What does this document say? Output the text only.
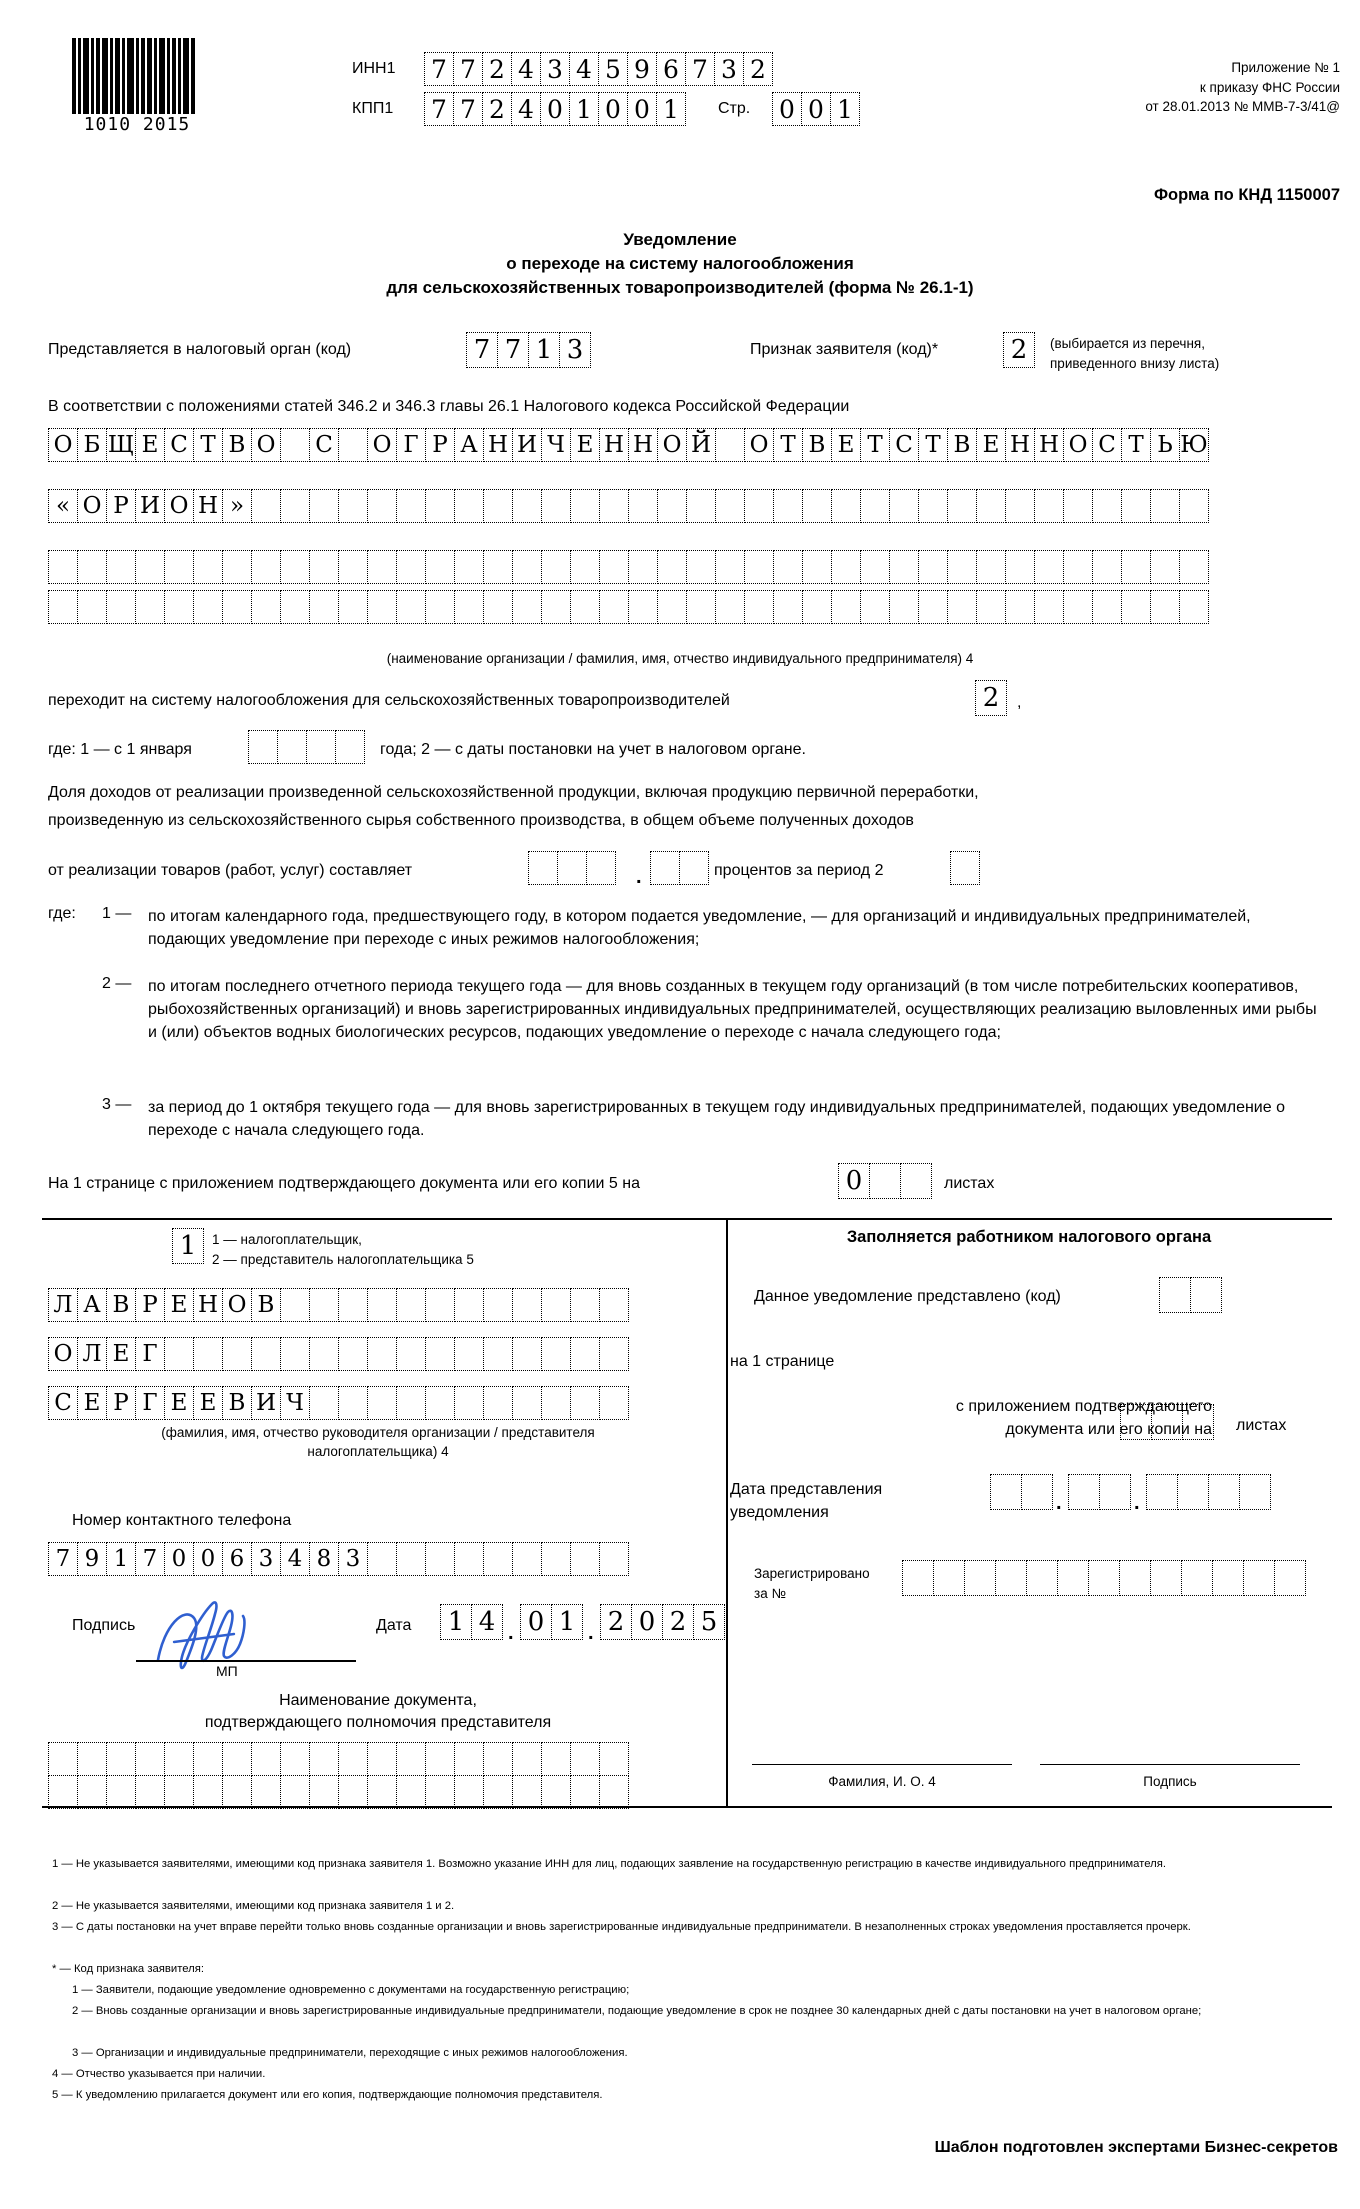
1010 2015
ИНН1 7 7 2 4 3 4 5 9 6 7 3 2
КПП1 7 7 2 4 0 1 0 0 1	Стр. 0 0 1
Приложение № 1
к приказу ФНС России
от 28.01.2013 № ММВ-7-3/41@
Форма по КНД 1150007
Уведомление
о переходе на систему налогообложения
для сельскохозяйственных товаропроизводителей (форма № 26.1-1)
Представляется в налоговый орган (код)	7 7 1 3	Признак заявителя (код)*	2	(выбирается из перечня,
приведенного внизу листа)
В соответствии с положениями статей 346.2 и 346.3 главы 26.1 Налогового кодекса Российской Федерации
О Б Щ Е С Т В О С О Г Р А Н И Ч Е Н Н О Й О Т В Е Т С Т В Е Н Н О С Т Ь Ю
« О Р И О Н »
(наименование организации / фамилия, имя, отчество индивидуального предпринимателя) 4
переходит на систему налогообложения для сельскохозяйственных товаропроизводителей	2	,
где: 1 — с 1 января	года; 2 — с даты постановки на учет в налоговом органе.
Доля доходов от реализации произведенной сельскохозяйственной продукции, включая продукцию первичной переработки,
произведенную из сельскохозяйственного сырья собственного производства, в общем объеме полученных доходов
от реализации товаров (работ, услуг) составляет	.	процентов за период 2
где: 1 — по итогам календарного года, предшествующего году, в котором подается уведомление, — для организаций и индивидуальных предпринимателей, подающих уведомление при переходе с иных режимов налогообложения;
2 — по итогам последнего отчетного периода текущего года — для вновь созданных в текущем году организаций (в том числе потребительских кооперативов, рыбохозяйственных организаций) и вновь зарегистрированных индивидуальных предпринимателей, осуществляющих реализацию выловленных ими рыбы и (или) объектов водных биологических ресурсов, подающих уведомление о переходе с начала следующего года;
3 — за период до 1 октября текущего года — для вновь зарегистрированных в текущем году индивидуальных предпринимателей, подающих уведомление о переходе с начала следующего года.
На 1 странице с приложением подтверждающего документа или его копии 5 на	0	листах
1	1 — налогоплательщик,
2 — представитель налогоплательщика 5
Л А В Р Е Н О В
О Л Е Г
С Е Р Г Е Е В И Ч
(фамилия, имя, отчество руководителя организации / представителя
налогоплательщика) 4
Номер контактного телефона
7 9 1 7 0 0 6 3 4 8 3
Подпись
МП
Дата 1 4 . 0 1 . 2 0 2 5
Наименование документа,
подтверждающего полномочия представителя
Заполняется работником налогового органа
Данное уведомление представлено (код)
на 1 странице
с приложением подтверждающего
документа или его копии на листах
Дата представления
уведомления	.	.
Зарегистрировано
за №
Фамилия, И. О. 4	Подпись
1 — Не указывается заявителями, имеющими код признака заявителя 1. Возможно указание ИНН для лиц, подающих заявление на государственную регистрацию в качестве индивидуального предпринимателя.
2 — Не указывается заявителями, имеющими код признака заявителя 1 и 2.
3 — С даты постановки на учет вправе перейти только вновь созданные организации и вновь зарегистрированные индивидуальные предприниматели. В незаполненных строках уведомления проставляется прочерк.
* — Код признака заявителя:
1 — Заявители, подающие уведомление одновременно с документами на государственную регистрацию;
2 — Вновь созданные организации и вновь зарегистрированные индивидуальные предприниматели, подающие уведомление в срок не позднее 30 календарных дней с даты постановки на учет в налоговом органе;
3 — Организации и индивидуальные предприниматели, переходящие с иных режимов налогообложения.
4 — Отчество указывается при наличии.
5 — К уведомлению прилагается документ или его копия, подтверждающие полномочия представителя.
Шаблон подготовлен экспертами Бизнес-секретов
